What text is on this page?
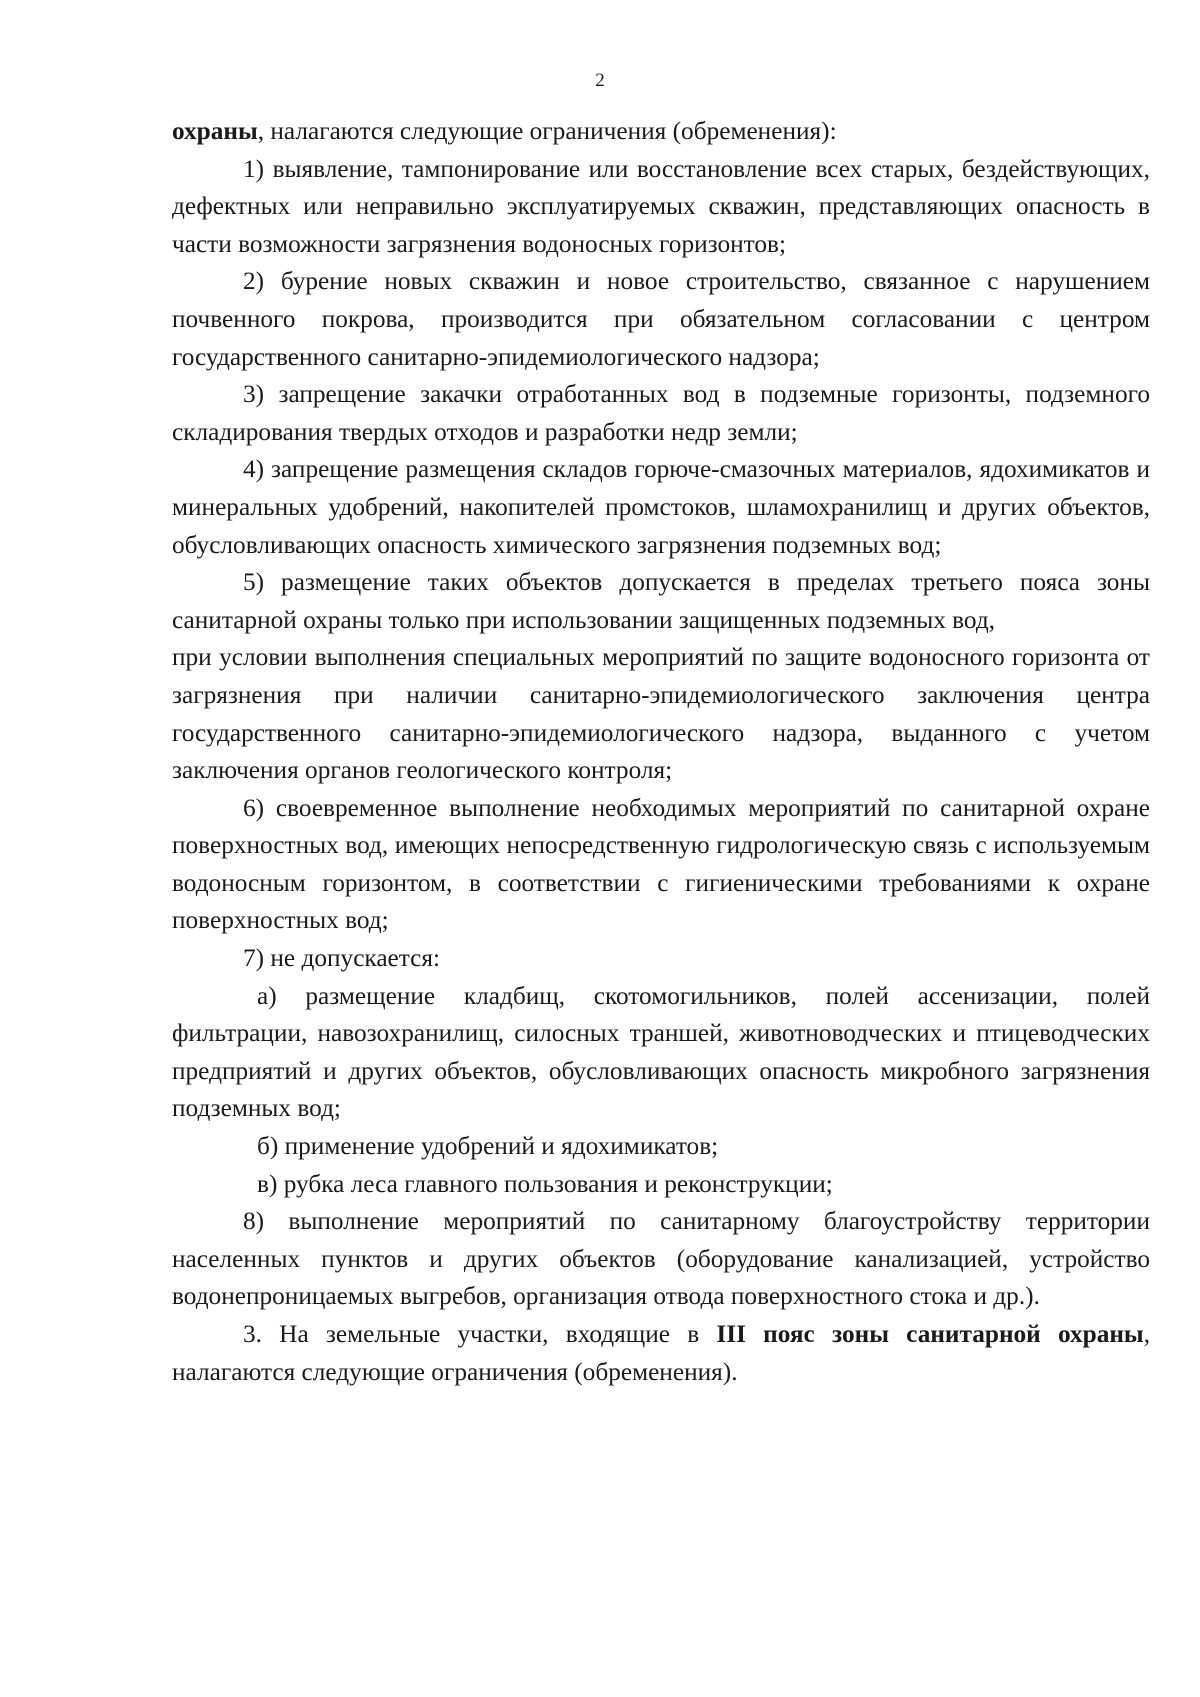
2

охраны, налагаются следующие ограничения (обременения):

1) выявление, тампонирование или восстановление всех старых, бездействующих, дефектных или неправильно эксплуатируемых скважин, представляющих опасность в части возможности загрязнения водоносных горизонтов;

2) бурение новых скважин и новое строительство, связанное с нарушением почвенного покрова, производится при обязательном согласовании с центром государственного санитарно-эпидемиологического надзора;

3) запрещение закачки отработанных вод в подземные горизонты, подземного складирования твердых отходов и разработки недр земли;

4) запрещение размещения складов горюче-смазочных материалов, ядохимикатов и минеральных удобрений, накопителей промстоков, шламохранилищ и других объектов, обусловливающих опасность химического загрязнения подземных вод;

5) размещение таких объектов допускается в пределах третьего пояса зоны санитарной охраны только при использовании защищенных подземных вод,

при условии выполнения специальных мероприятий по защите водоносного горизонта от загрязнения при наличии санитарно-эпидемиологического заключения центра государственного санитарно-эпидемиологического надзора, выданного с учетом заключения органов геологического контроля;

6) своевременное выполнение необходимых мероприятий по санитарной охране поверхностных вод, имеющих непосредственную гидрологическую связь с используемым водоносным горизонтом, в соответствии с гигиеническими требованиями к охране поверхностных вод;

7) не допускается:

а) размещение кладбищ, скотомогильников, полей ассенизации, полей фильтрации, навозохранилищ, силосных траншей, животноводческих и птицеводческих предприятий и других объектов, обусловливающих опасность микробного загрязнения подземных вод;

б) применение удобрений и ядохимикатов;

в) рубка леса главного пользования и реконструкции;

8) выполнение мероприятий по санитарному благоустройству территории населенных пунктов и других объектов (оборудование канализацией, устройство водонепроницаемых выгребов, организация отвода поверхностного стока и др.).

3. На земельные участки, входящие в III пояс зоны санитарной охраны, налагаются следующие ограничения (обременения).
